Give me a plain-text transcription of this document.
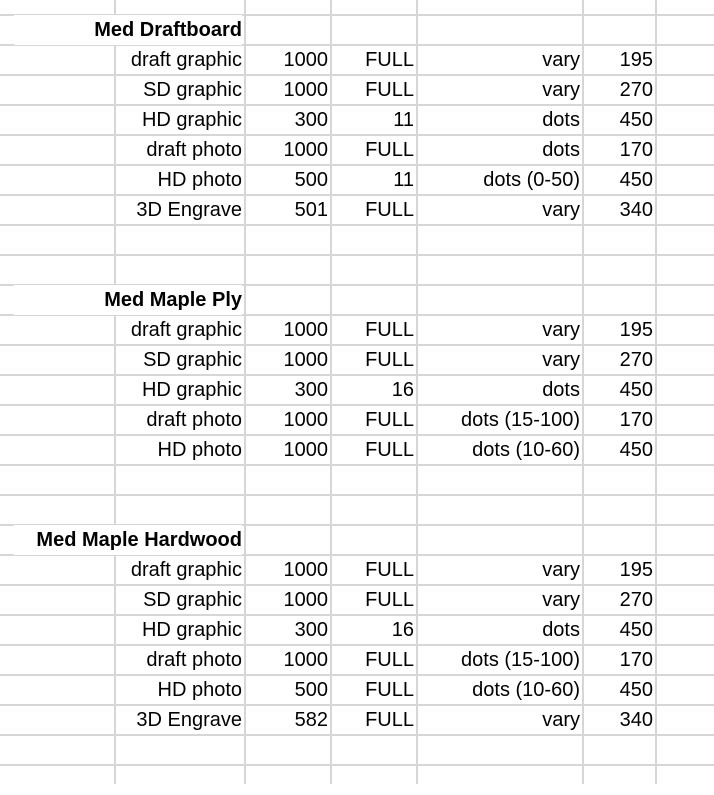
Med Draftboard
draft graphic	1000	FULL	vary	195
SD graphic	1000	FULL	vary	270
HD graphic	300	11	dots	450
draft photo	1000	FULL	dots	170
HD photo	500	11	dots (0-50)	450
3D Engrave	501	FULL	vary	340
Med Maple Ply
draft graphic	1000	FULL	vary	195
SD graphic	1000	FULL	vary	270
HD graphic	300	16	dots	450
draft photo	1000	FULL	dots (15-100)	170
HD photo	1000	FULL	dots (10-60)	450
Med Maple Hardwood
draft graphic	1000	FULL	vary	195
SD graphic	1000	FULL	vary	270
HD graphic	300	16	dots	450
draft photo	1000	FULL	dots (15-100)	170
HD photo	500	FULL	dots (10-60)	450
3D Engrave	582	FULL	vary	340
